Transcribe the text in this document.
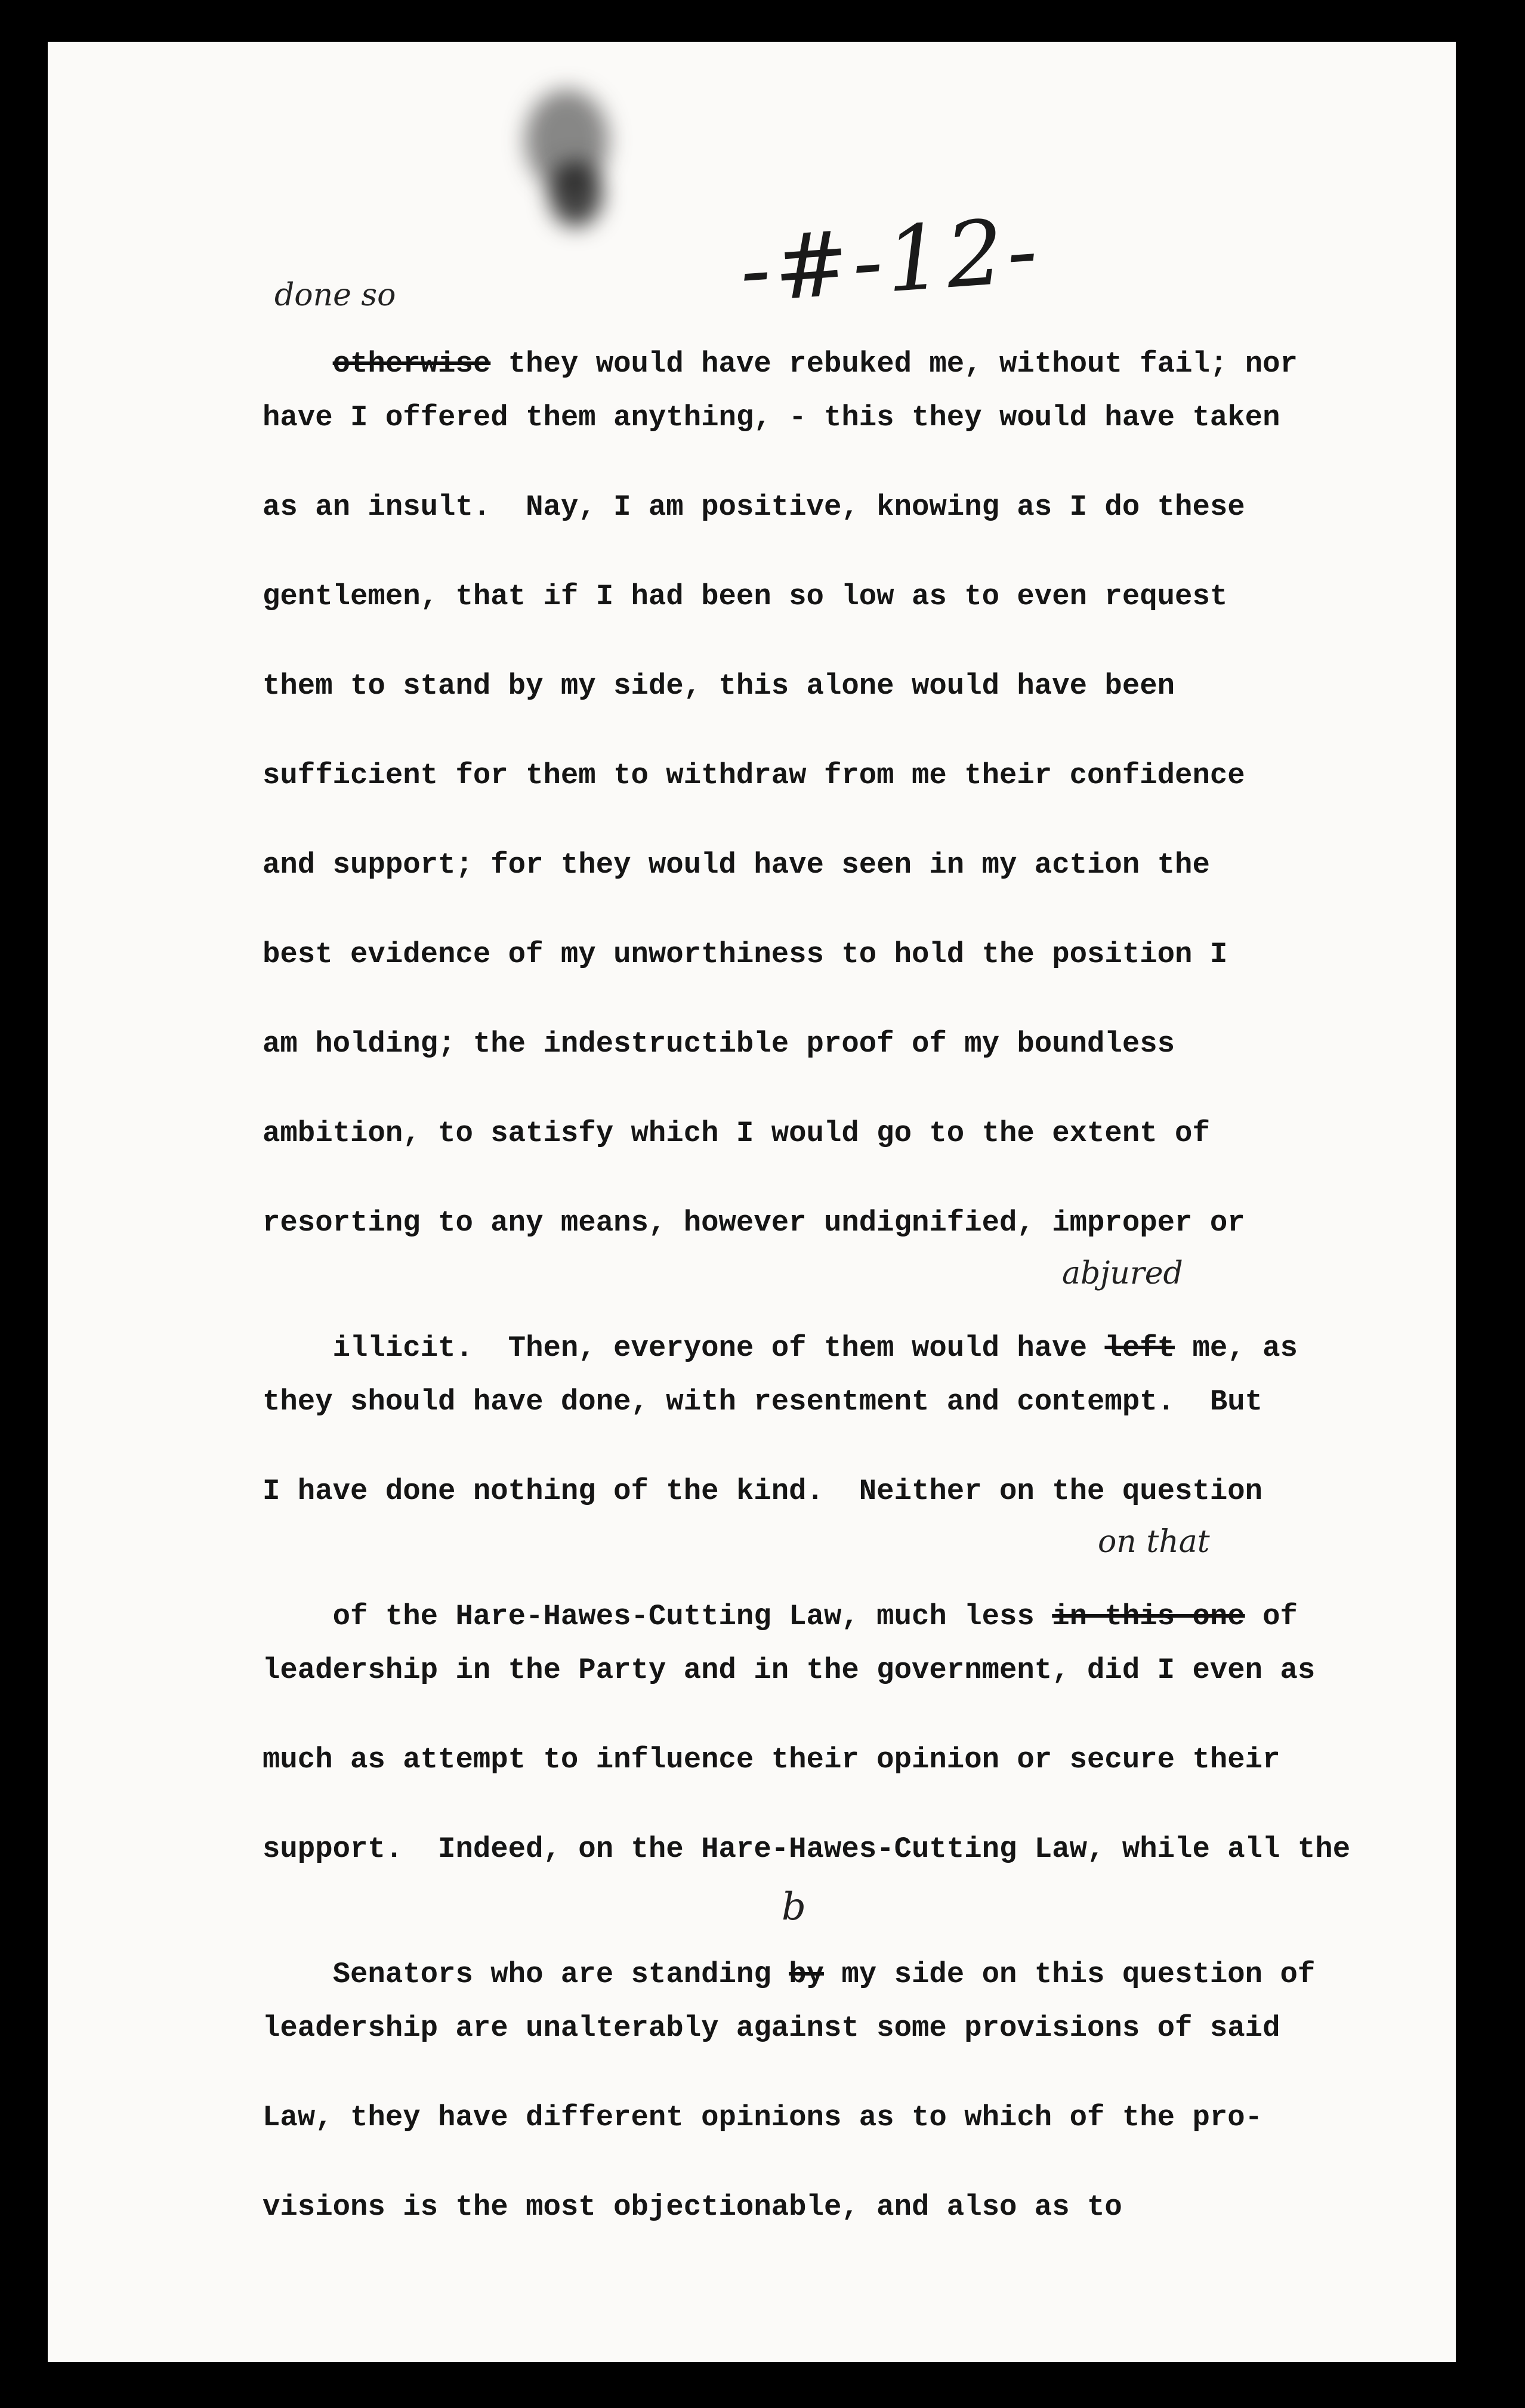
-#-12-

otherwise they would have rebuked me, without fail; nor

done so

have I offered them anything, - this they would have taken

as an insult.  Nay, I am positive, knowing as I do these

gentlemen, that if I had been so low as to even request

them to stand by my side, this alone would have been

sufficient for them to withdraw from me their confidence

and support; for they would have seen in my action the

best evidence of my unworthiness to hold the position I

am holding; the indestructible proof of my boundless

ambition, to satisfy which I would go to the extent of

resorting to any means, however undignified, improper or

illicit.  Then, everyone of them would have left me, as

abjured

they should have done, with resentment and contempt.  But

I have done nothing of the kind.  Neither on the question

of the Hare-Hawes-Cutting Law, much less in this one of

on that

leadership in the Party and in the government, did I even as

much as attempt to influence their opinion or secure their

support.  Indeed, on the Hare-Hawes-Cutting Law, while all the

Senators who are standing by my side on this question of

b

leadership are unalterably against some provisions of said

Law, they have different opinions as to which of the pro-

visions is the most objectionable, and also as to
